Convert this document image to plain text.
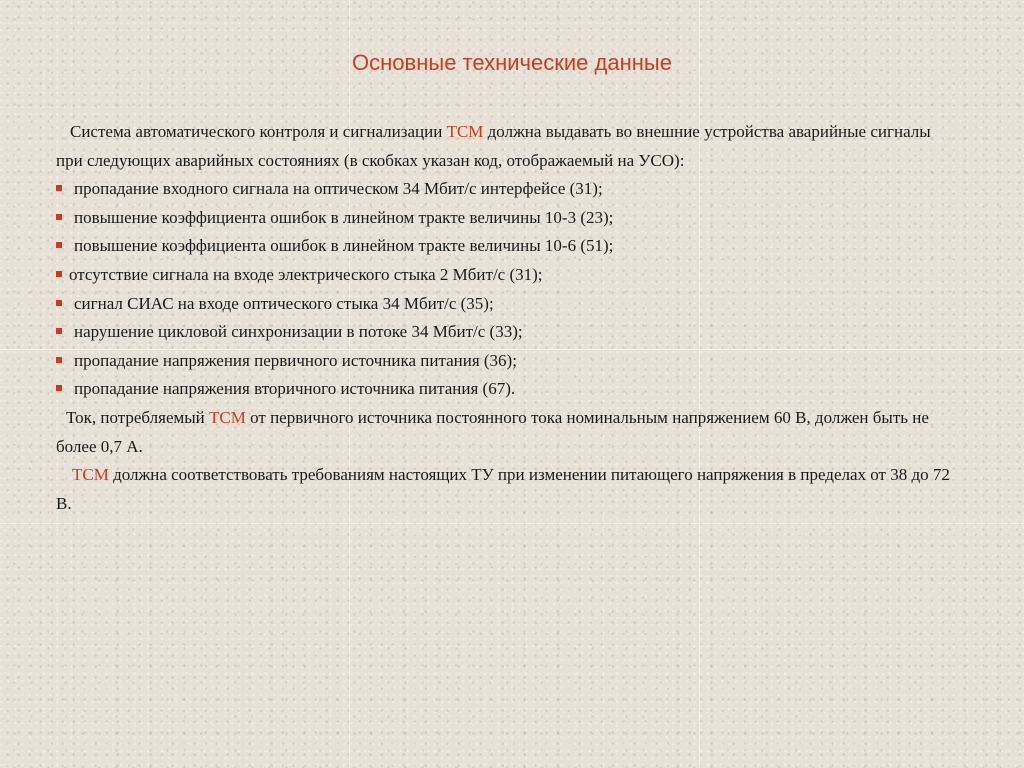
Основные технические данные

Система автоматического контроля и сигнализации ТСМ должна выдавать во внешние устройства аварийные сигналы при следующих аварийных состояниях (в скобках указан код, отображаемый на УСО):

пропадание входного сигнала на оптическом 34 Мбит/с интерфейсе (31);
повышение коэффициента ошибок в линейном тракте величины 10-3 (23);
повышение коэффициента ошибок в линейном тракте величины 10-6 (51);
отсутствие сигнала на входе электрического стыка 2 Мбит/с (31);
сигнал СИАС на входе оптического стыка 34 Мбит/с (35);
нарушение цикловой синхронизации в потоке 34 Мбит/с (33);
пропадание напряжения первичного источника питания (36);
пропадание напряжения вторичного источника питания (67).

Ток, потребляемый ТСМ от первичного источника постоянного тока номинальным напряжением 60 В, должен быть не более 0,7 А.

ТСМ должна соответствовать требованиям настоящих ТУ при изменении питающего напряжения в пределах от 38 до 72 В.
